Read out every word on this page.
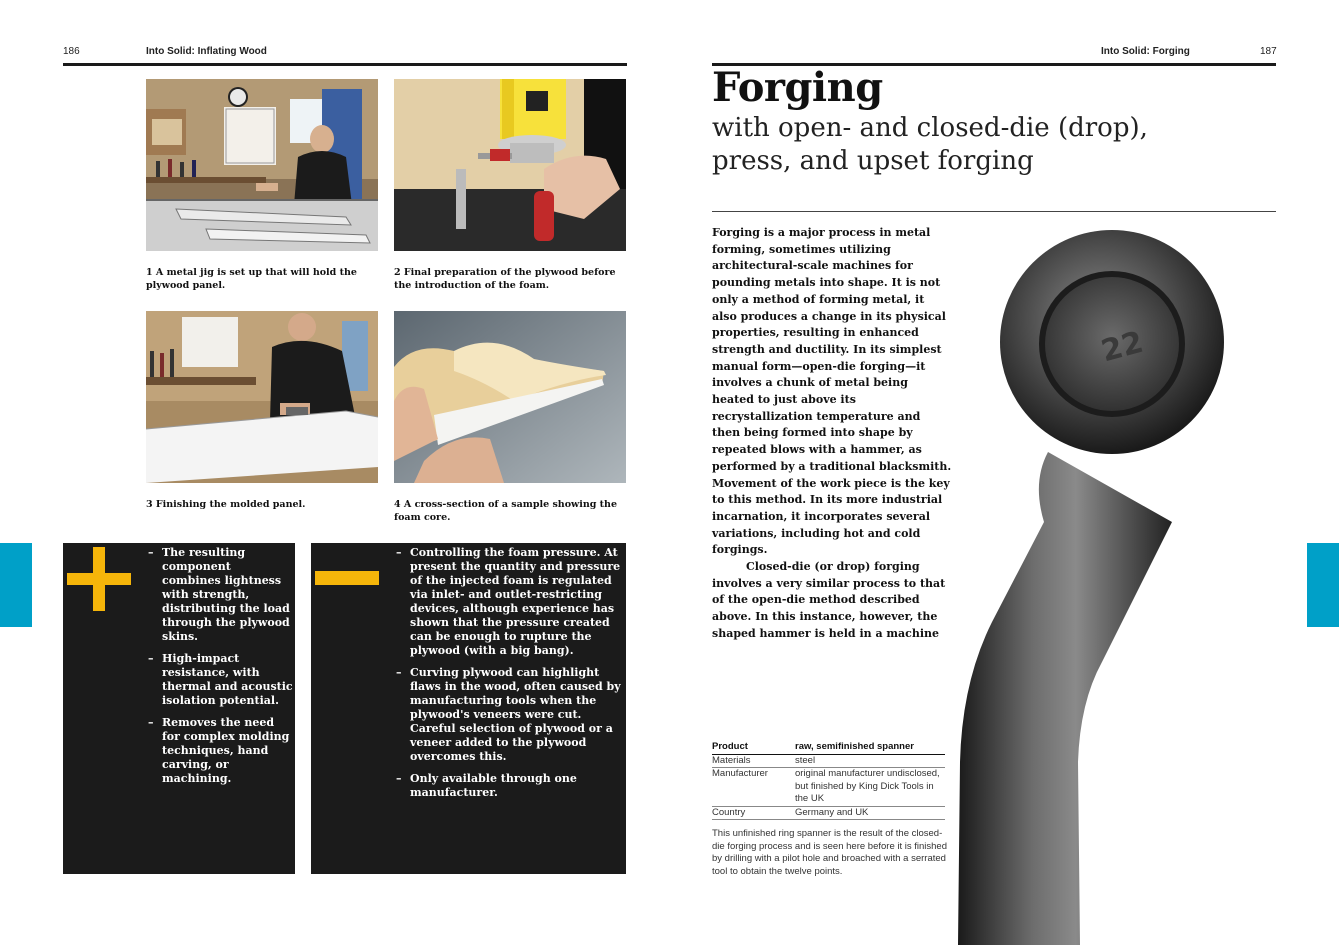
186	Into Solid: Inflating Wood	Into Solid: Forging	187
1 A metal jig is set up that will hold the plywood panel.
2 Final preparation of the plywood before the introduction of the foam.
3 Finishing the molded panel.	4 A cross-section of a sample showing the foam core.
– The resulting component combines lightness with strength, distributing the load through the plywood skins.
– High-impact resistance, with thermal and acoustic isolation potential.
– Removes the need for complex molding techniques, hand carving, or machining.
– Controlling the foam pressure. At present the quantity and pressure of the injected foam is regulated via inlet- and outlet-restricting devices, although experience has shown that the pressure created can be enough to rupture the plywood (with a big bang).
– Curving plywood can highlight flaws in the wood, often caused by manufacturing tools when the plywood's veneers were cut. Careful selection of plywood or a veneer added to the plywood overcomes this.
– Only available through one manufacturer.
Forging
with open- and closed-die (drop), press, and upset forging
22

Forging is a major process in metal forming, sometimes utilizing architectural-scale machines for pounding metals into shape. It is not only a method of forming metal, it also produces a change in its physical properties, resulting in enhanced strength and ductility. In its simplest manual form—open-die forging—it involves a chunk of metal being heated to just above its recrystallization temperature and then being formed into shape by repeated blows with a hammer, as performed by a traditional blacksmith. Movement of the work piece is the key to this method. In its more industrial incarnation, it incorporates several variations, including hot and cold forgings.

Closed-die (or drop) forging involves a very similar process to that of the open-die method described above. In this instance, however, the shaped hammer is held in a machine

Product	raw, semifinished spanner
Materials	steel
Manufacturer	original manufacturer undisclosed, but finished by King Dick Tools in the UK
Country	Germany and UK
This unfinished ring spanner is the result of the closed-die forging process and is seen here before it is finished by drilling with a pilot hole and broached with a serrated tool to obtain the twelve points.
